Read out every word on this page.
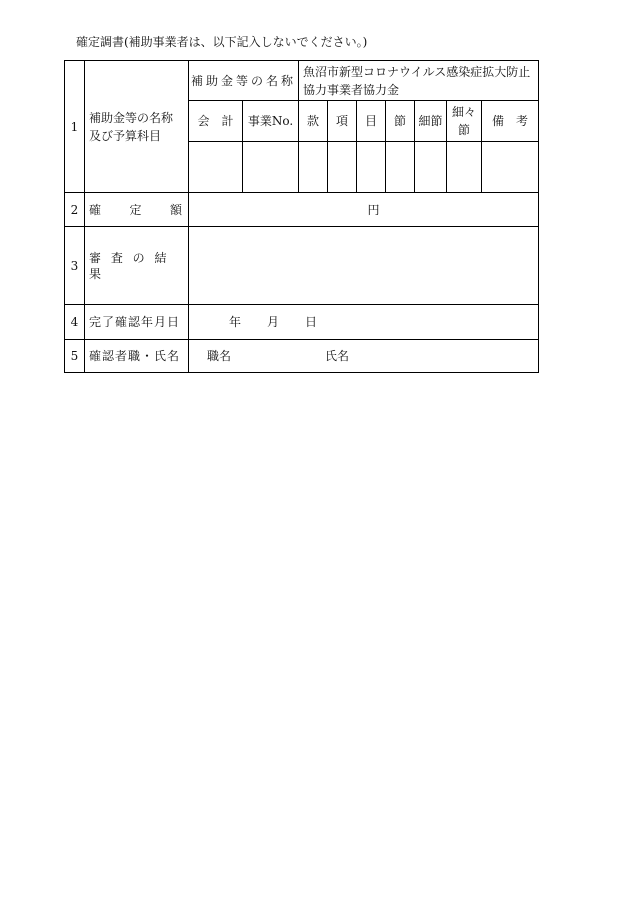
確定調書(補助事業者は、以下記入しないでください。)
1	補助金等の名称及び予算科目	補助金等の名称		魚沼市新型コロナウイルス感染症拡大防止協力事業者協力金						
		会　計	事業No.	款	項	目	節	細節	細々節	備　考

2	確 定 額	円								
3	審 査 の 結 果									
4	完了確認年月日	年 月 日								

5	確認者職・氏名	職名 氏名								
